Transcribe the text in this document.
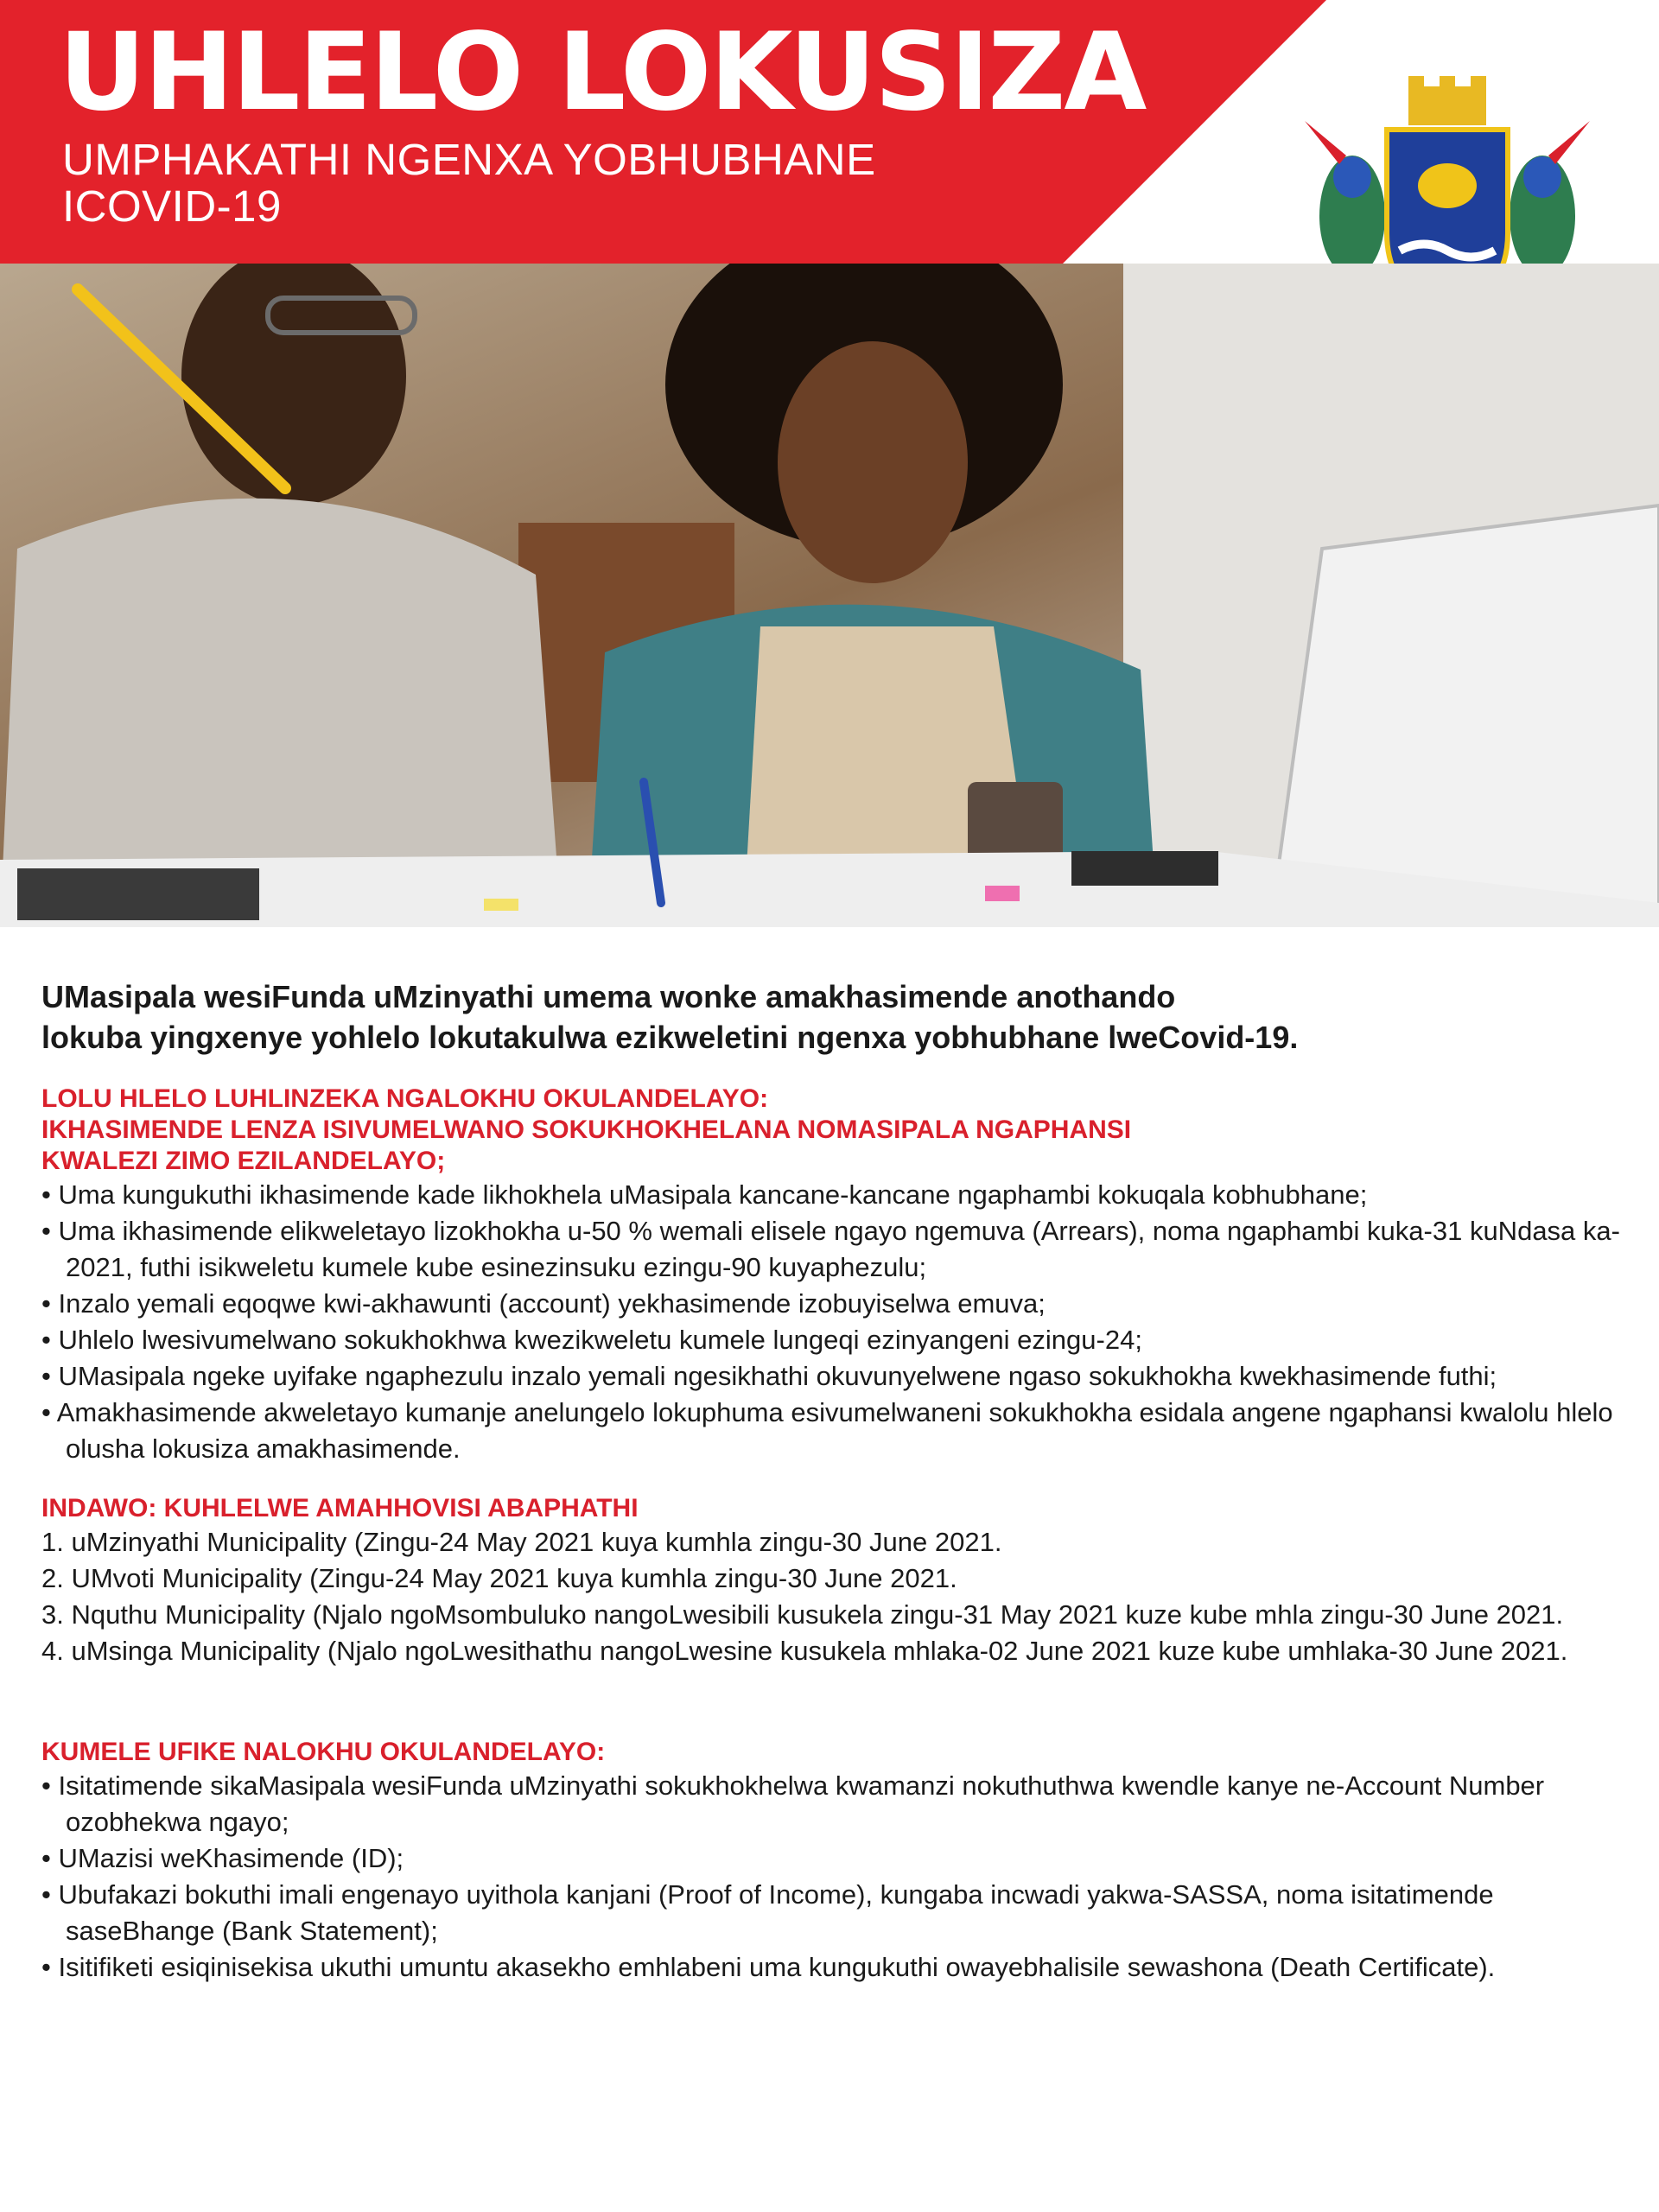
UHLELO LOKUSIZA
UMPHAKATHI NGENXA YOBHUBHANE
ICOVID-19
UMasipala wesiFunda uMzinyathi umema wonke amakhasimende anothando
lokuba yingxenye yohlelo lokutakulwa ezikweletini ngenxa yobhubhane lweCovid-19.
LOLU HLELO LUHLINZEKA NGALOKHU OKULANDELAYO:
IKHASIMENDE LENZA ISIVUMELWANO SOKUKHOKHELANA NOMASIPALA NGAPHANSI
KWALEZI ZIMO EZILANDELAYO;
• Uma kungukuthi ikhasimende kade likhokhela uMasipala kancane-kancane ngaphambi kokuqala kobhubhane;
• Uma ikhasimende elikweletayo lizokhokha u-50 % wemali elisele ngayo ngemuva (Arrears), noma ngaphambi kuka-31 kuNdasa ka-2021, futhi isikweletu kumele kube esinezinsuku ezingu-90 kuyaphezulu;
• Inzalo yemali eqoqwe kwi-akhawunti (account) yekhasimende izobuyiselwa emuva;
• Uhlelo lwesivumelwano sokukhokhwa kwezikweletu kumele lungeqi ezinyangeni ezingu-24;
• UMasipala ngeke uyifake ngaphezulu inzalo yemali ngesikhathi okuvunyelwene ngaso sokukhokha kwekhasimende futhi;
• Amakhasimende akweletayo kumanje anelungelo lokuphuma esivumelwaneni sokukhokha esidala angene ngaphansi kwalolu hlelo olusha lokusiza amakhasimende.
INDAWO: KUHLELWE AMAHHOVISI ABAPHATHI
1. uMzinyathi Municipality (Zingu-24 May 2021 kuya kumhla zingu-30 June 2021.
2. UMvoti Municipality (Zingu-24 May 2021 kuya kumhla zingu-30 June 2021.
3. Nquthu Municipality (Njalo ngoMsombuluko nangoLwesibili kusukela zingu-31 May 2021 kuze kube mhla zingu-30 June 2021.
4. uMsinga Municipality (Njalo ngoLwesithathu nangoLwesine kusukela mhlaka-02 June 2021 kuze kube umhlaka-30 June 2021.
KUMELE UFIKE NALOKHU OKULANDELAYO:
• Isitatimende sikaMasipala wesiFunda uMzinyathi sokukhokhelwa kwamanzi nokuthuthwa kwendle kanye ne-Account Number ozobhekwa ngayo;
• UMazisi weKhasimende (ID);
• Ubufakazi bokuthi imali engenayo uyithola kanjani (Proof of Income), kungaba incwadi yakwa-SASSA, noma isitatimende saseBhange (Bank Statement);
• Isitifiketi esiqinisekisa ukuthi umuntu akasekho emhlabeni uma kungukuthi owayebhalisile sewashona (Death Certificate).
